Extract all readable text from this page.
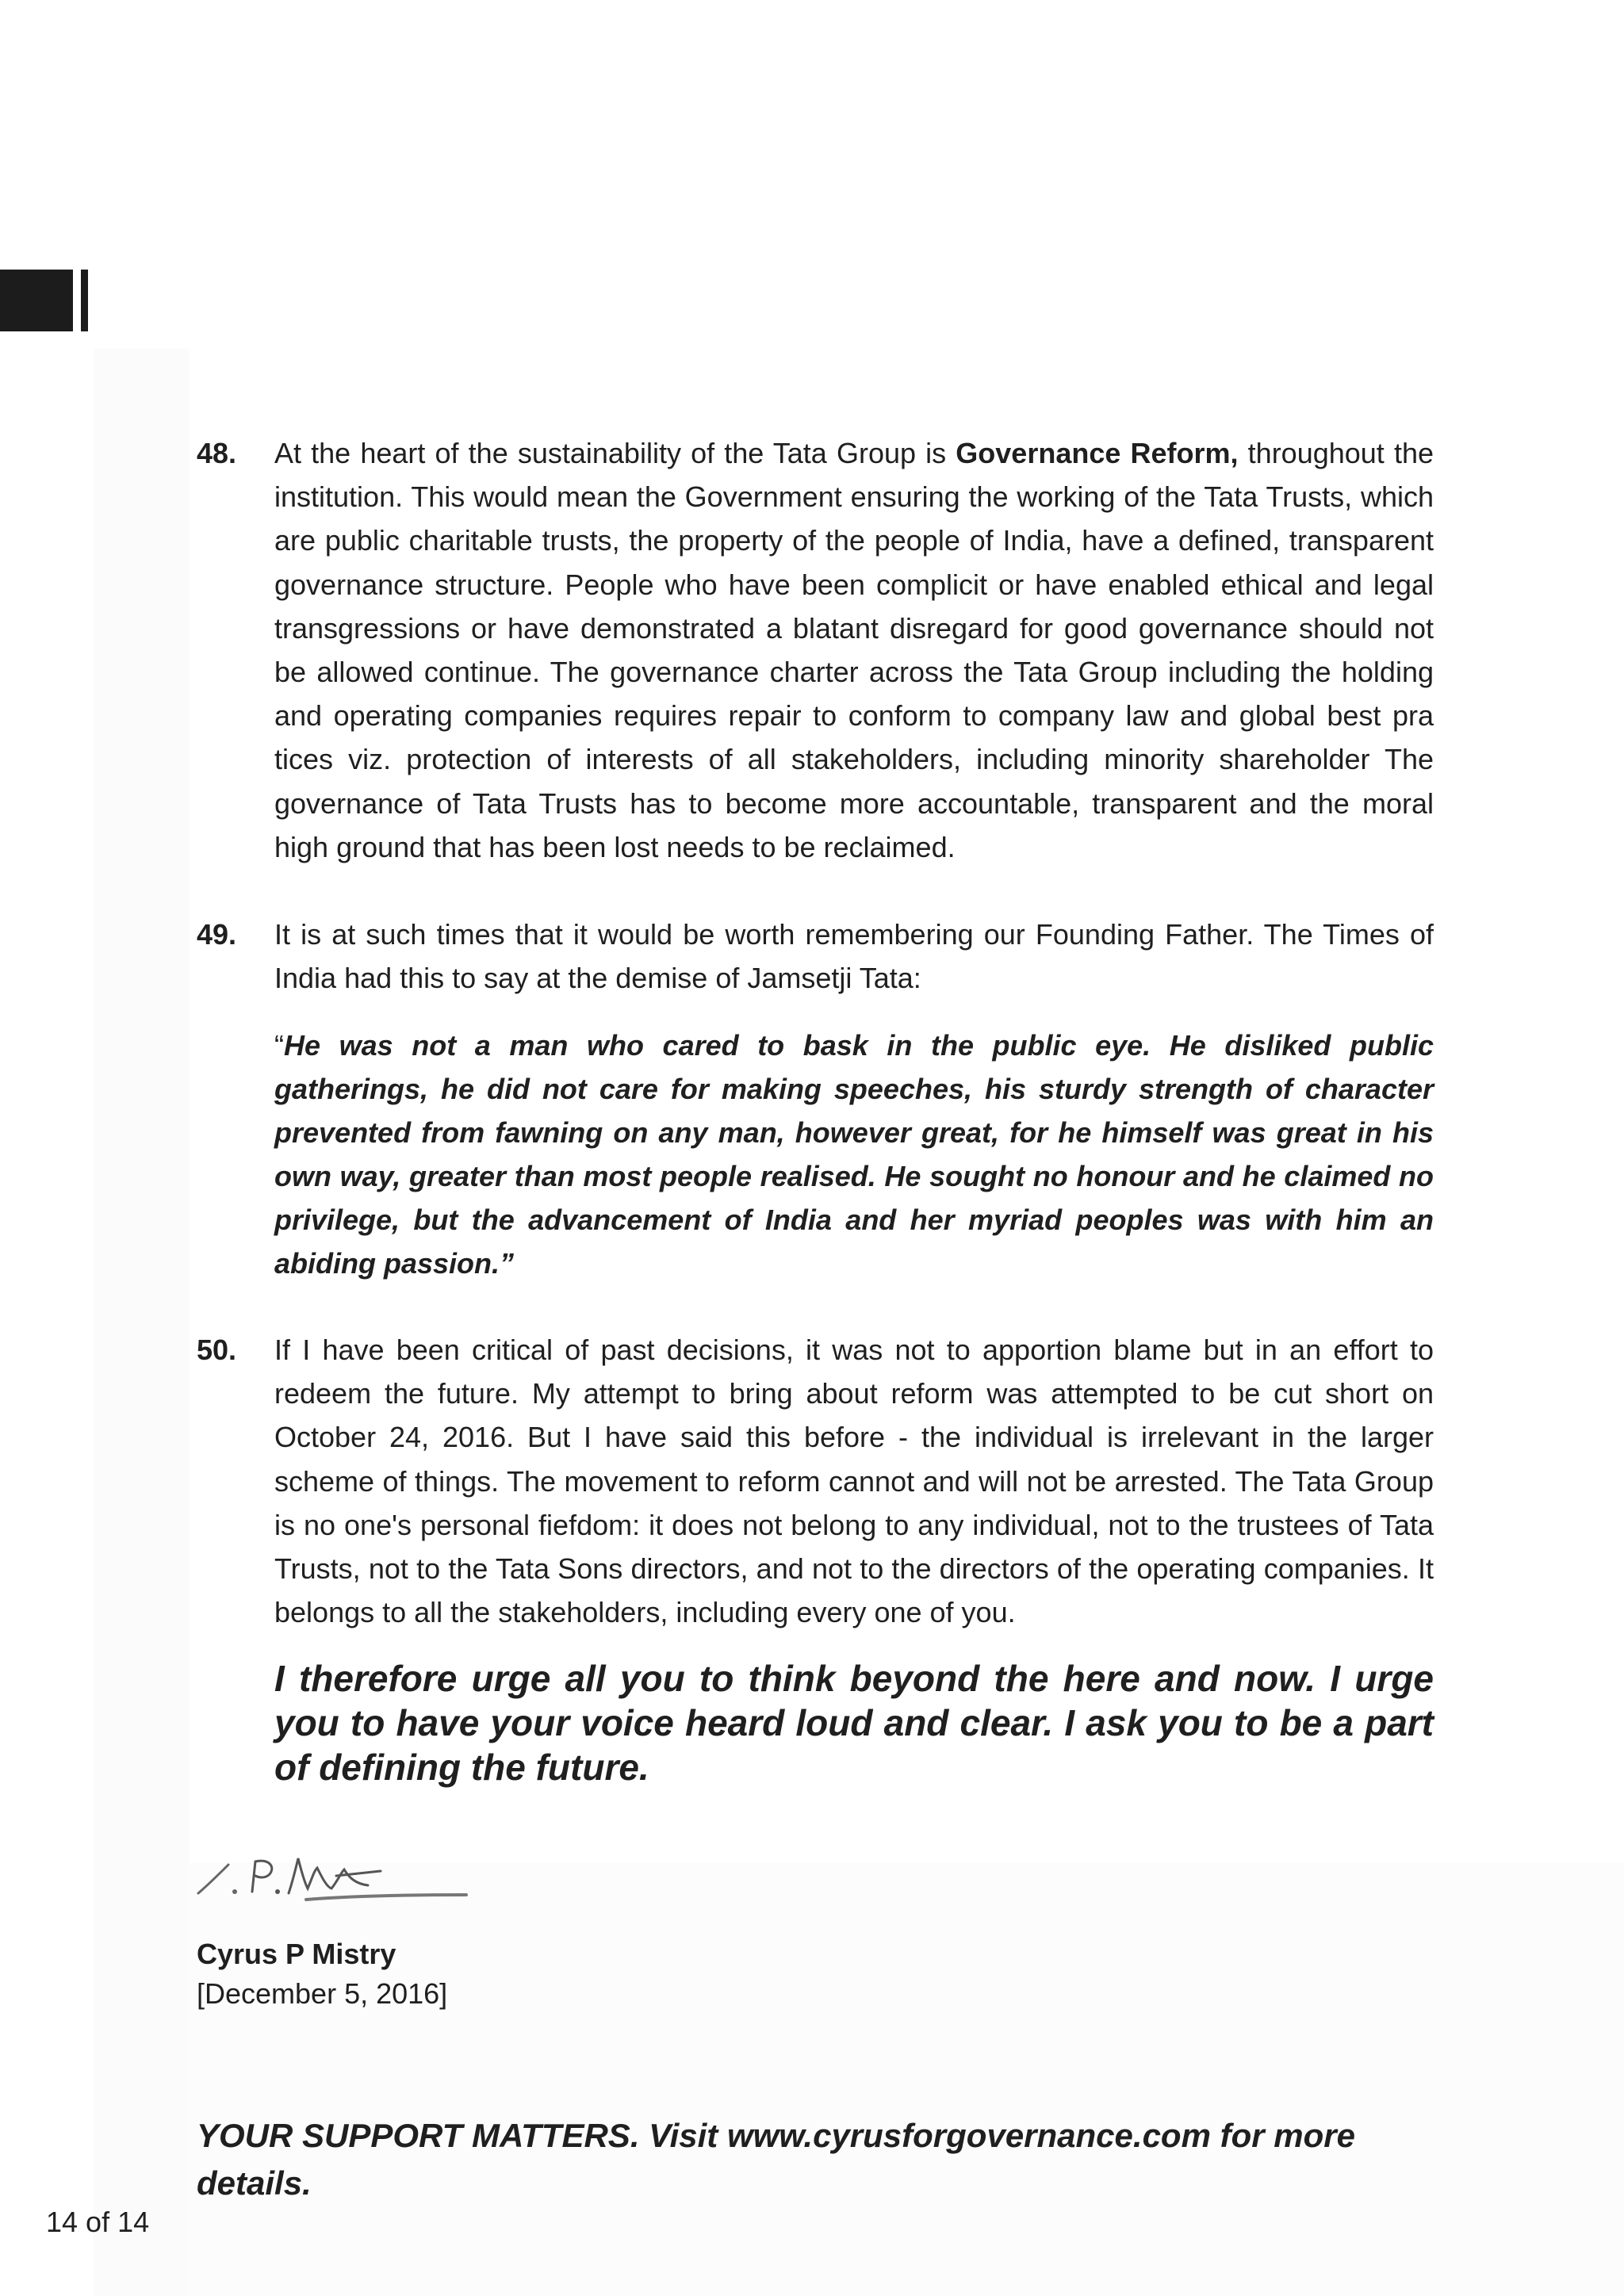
48. At the heart of the sustainability of the Tata Group is Governance Reform, throughout the institution. This would mean the Government ensuring the working of the Tata Trusts, which are public charitable trusts, the property of the people of India, have a defined, transparent governance structure. People who have been complicit or have enabled ethical and legal transgressions or have demonstrated a blatant disregard for good governance should not be allowed continue. The governance charter across the Tata Group including the holding and operating companies requires repair to conform to company law and global best pra tices viz. protection of interests of all stakeholders, including minority shareholder The governance of Tata Trusts has to become more accountable, transparent and the moral high ground that has been lost needs to be reclaimed.
49. It is at such times that it would be worth remembering our Founding Father. The Times of India had this to say at the demise of Jamsetji Tata:
“He was not a man who cared to bask in the public eye. He disliked public gatherings, he did not care for making speeches, his sturdy strength of character prevented from fawning on any man, however great, for he himself was great in his own way, greater than most people realised. He sought no honour and he claimed no privilege, but the advancement of India and her myriad peoples was with him an abiding passion.”
50. If I have been critical of past decisions, it was not to apportion blame but in an effort to redeem the future. My attempt to bring about reform was attempted to be cut short on October 24, 2016. But I have said this before - the individual is irrelevant in the larger scheme of things. The movement to reform cannot and will not be arrested. The Tata Group is no one's personal fiefdom: it does not belong to any individual, not to the trustees of Tata Trusts, not to the Tata Sons directors, and not to the directors of the operating companies. It belongs to all the stakeholders, including every one of you.
I therefore urge all you to think beyond the here and now. I urge you to have your voice heard loud and clear. I ask you to be a part of defining the future.
Cyrus P Mistry
[December 5, 2016]
YOUR SUPPORT MATTERS. Visit www.cyrusforgovernance.com for more details.
14 of 14
